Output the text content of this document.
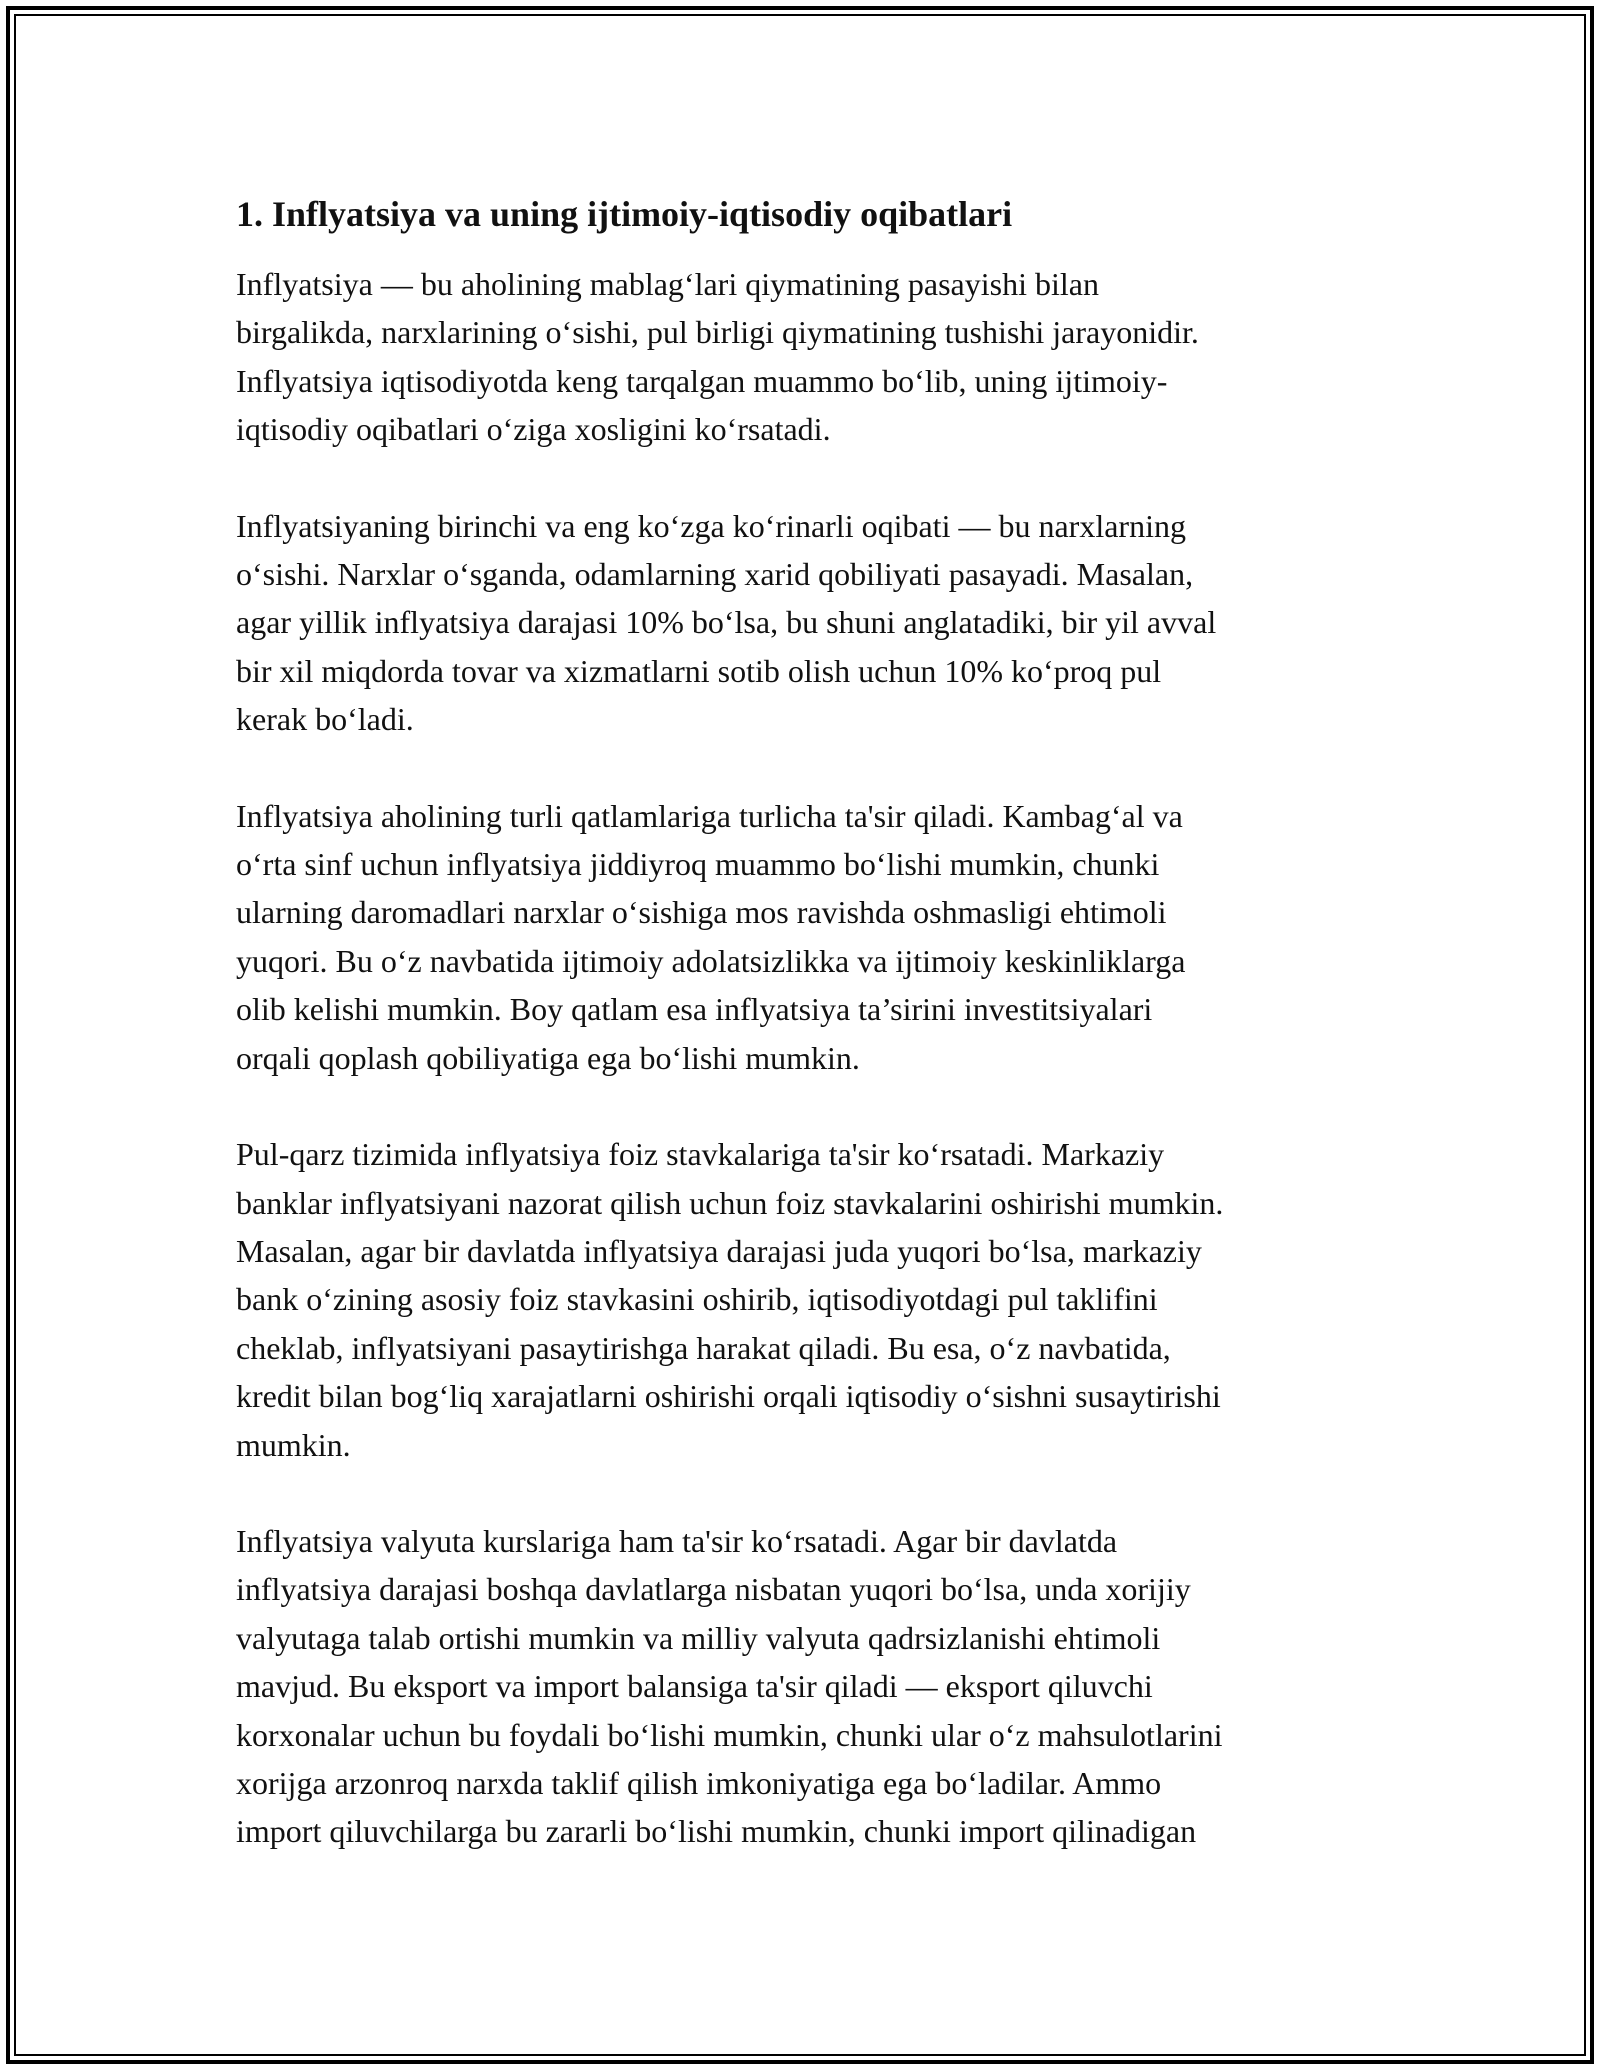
1. Inflyatsiya va uning ijtimoiy-iqtisodiy oqibatlari

Inflyatsiya — bu aholining mablag‘lari qiymatining pasayishi bilan
birgalikda, narxlarining o‘sishi, pul birligi qiymatining tushishi jarayonidir.
Inflyatsiya iqtisodiyotda keng tarqalgan muammo bo‘lib, uning ijtimoiy-
iqtisodiy oqibatlari o‘ziga xosligini ko‘rsatadi.

Inflyatsiyaning birinchi va eng ko‘zga ko‘rinarli oqibati — bu narxlarning
o‘sishi. Narxlar o‘sganda, odamlarning xarid qobiliyati pasayadi. Masalan,
agar yillik inflyatsiya darajasi 10% bo‘lsa, bu shuni anglatadiki, bir yil avval
bir xil miqdorda tovar va xizmatlarni sotib olish uchun 10% ko‘proq pul
kerak bo‘ladi.

Inflyatsiya aholining turli qatlamlariga turlicha ta'sir qiladi. Kambag‘al va
o‘rta sinf uchun inflyatsiya jiddiyroq muammo bo‘lishi mumkin, chunki
ularning daromadlari narxlar o‘sishiga mos ravishda oshmasligi ehtimoli
yuqori. Bu o‘z navbatida ijtimoiy adolatsizlikka va ijtimoiy keskinliklarga
olib kelishi mumkin. Boy qatlam esa inflyatsiya ta’sirini investitsiyalari
orqali qoplash qobiliyatiga ega bo‘lishi mumkin.

Pul-qarz tizimida inflyatsiya foiz stavkalariga ta'sir ko‘rsatadi. Markaziy
banklar inflyatsiyani nazorat qilish uchun foiz stavkalarini oshirishi mumkin.
Masalan, agar bir davlatda inflyatsiya darajasi juda yuqori bo‘lsa, markaziy
bank o‘zining asosiy foiz stavkasini oshirib, iqtisodiyotdagi pul taklifini
cheklab, inflyatsiyani pasaytirishga harakat qiladi. Bu esa, o‘z navbatida,
kredit bilan bog‘liq xarajatlarni oshirishi orqali iqtisodiy o‘sishni susaytirishi
mumkin.

Inflyatsiya valyuta kurslariga ham ta'sir ko‘rsatadi. Agar bir davlatda
inflyatsiya darajasi boshqa davlatlarga nisbatan yuqori bo‘lsa, unda xorijiy
valyutaga talab ortishi mumkin va milliy valyuta qadrsizlanishi ehtimoli
mavjud. Bu eksport va import balansiga ta'sir qiladi — eksport qiluvchi
korxonalar uchun bu foydali bo‘lishi mumkin, chunki ular o‘z mahsulotlarini
xorijga arzonroq narxda taklif qilish imkoniyatiga ega bo‘ladilar. Ammo
import qiluvchilarga bu zararli bo‘lishi mumkin, chunki import qilinadigan
